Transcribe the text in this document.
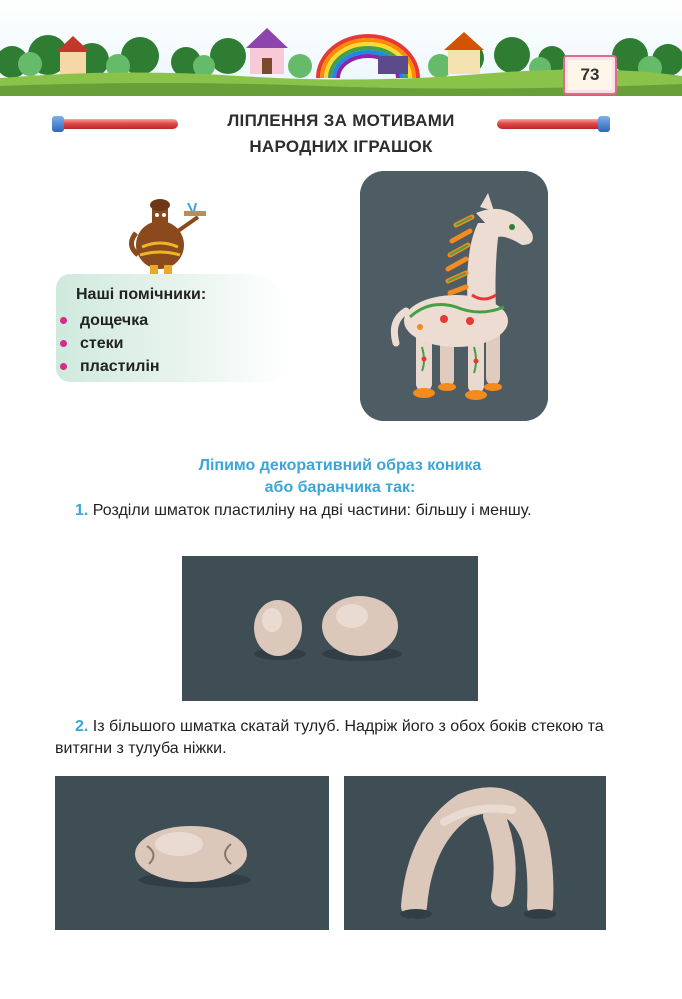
73
ЛІПЛЕННЯ ЗА МОТИВАМИ
НАРОДНИХ ІГРАШОК
Наші помічники:
дощечка
стеки
пластилін
Ліпимо декоративний образ коника
або баранчика так:
1. Розділи шматок пластиліну на дві частини: більшу і меншу.
2. Із більшого шматка скатай тулуб. Надріж його з обох боків стекою та витягни з тулуба ніжки.
